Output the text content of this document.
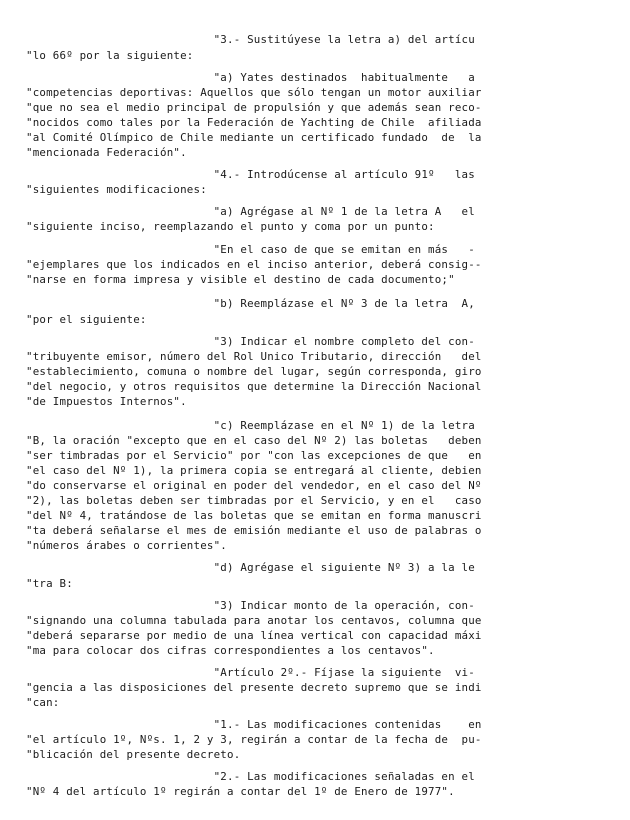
"3.- Sustitúyese la letra a) del artícu
"lo 66º por la siguiente:
"a) Yates destinados  habitualmente   a
"competencias deportivas: Aquellos que sólo tengan un motor auxiliar
"que no sea el medio principal de propulsión y que además sean reco-
"nocidos como tales por la Federación de Yachting de Chile  afiliada
"al Comité Olímpico de Chile mediante un certificado fundado  de  la
"mencionada Federación".
"4.- Introdúcense al artículo 91º   las
"siguientes modificaciones:
"a) Agrégase al Nº 1 de la letra A   el
"siguiente inciso, reemplazando el punto y coma por un punto:
"En el caso de que se emitan en más   -
"ejemplares que los indicados en el inciso anterior, deberá consig--
"narse en forma impresa y visible el destino de cada documento;"
"b) Reemplázase el Nº 3 de la letra  A,
"por el siguiente:
"3) Indicar el nombre completo del con-
"tribuyente emisor, número del Rol Unico Tributario, dirección   del
"establecimiento, comuna o nombre del lugar, según corresponda, giro
"del negocio, y otros requisitos que determine la Dirección Nacional
"de Impuestos Internos".
"c) Reemplázase en el Nº 1) de la letra
"B, la oración "excepto que en el caso del Nº 2) las boletas   deben
"ser timbradas por el Servicio" por "con las excepciones de que   en
"el caso del Nº 1), la primera copia se entregará al cliente, debien
"do conservarse el original en poder del vendedor, en el caso del Nº
"2), las boletas deben ser timbradas por el Servicio, y en el   caso
"del Nº 4, tratándose de las boletas que se emitan en forma manuscri
"ta deberá señalarse el mes de emisión mediante el uso de palabras o
"números árabes o corrientes".
"d) Agrégase el siguiente Nº 3) a la le
"tra B:
"3) Indicar monto de la operación, con-
"signando una columna tabulada para anotar los centavos, columna que
"deberá separarse por medio de una línea vertical con capacidad máxi
"ma para colocar dos cifras correspondientes a los centavos".
"Artículo 2º.- Fíjase la siguiente  vi-
"gencia a las disposiciones del presente decreto supremo que se indi
"can:
"1.- Las modificaciones contenidas    en
"el artículo 1º, Nºs. 1, 2 y 3, regirán a contar de la fecha de  pu-
"blicación del presente decreto.
"2.- Las modificaciones señaladas en el
"Nº 4 del artículo 1º regirán a contar del 1º de Enero de 1977".
